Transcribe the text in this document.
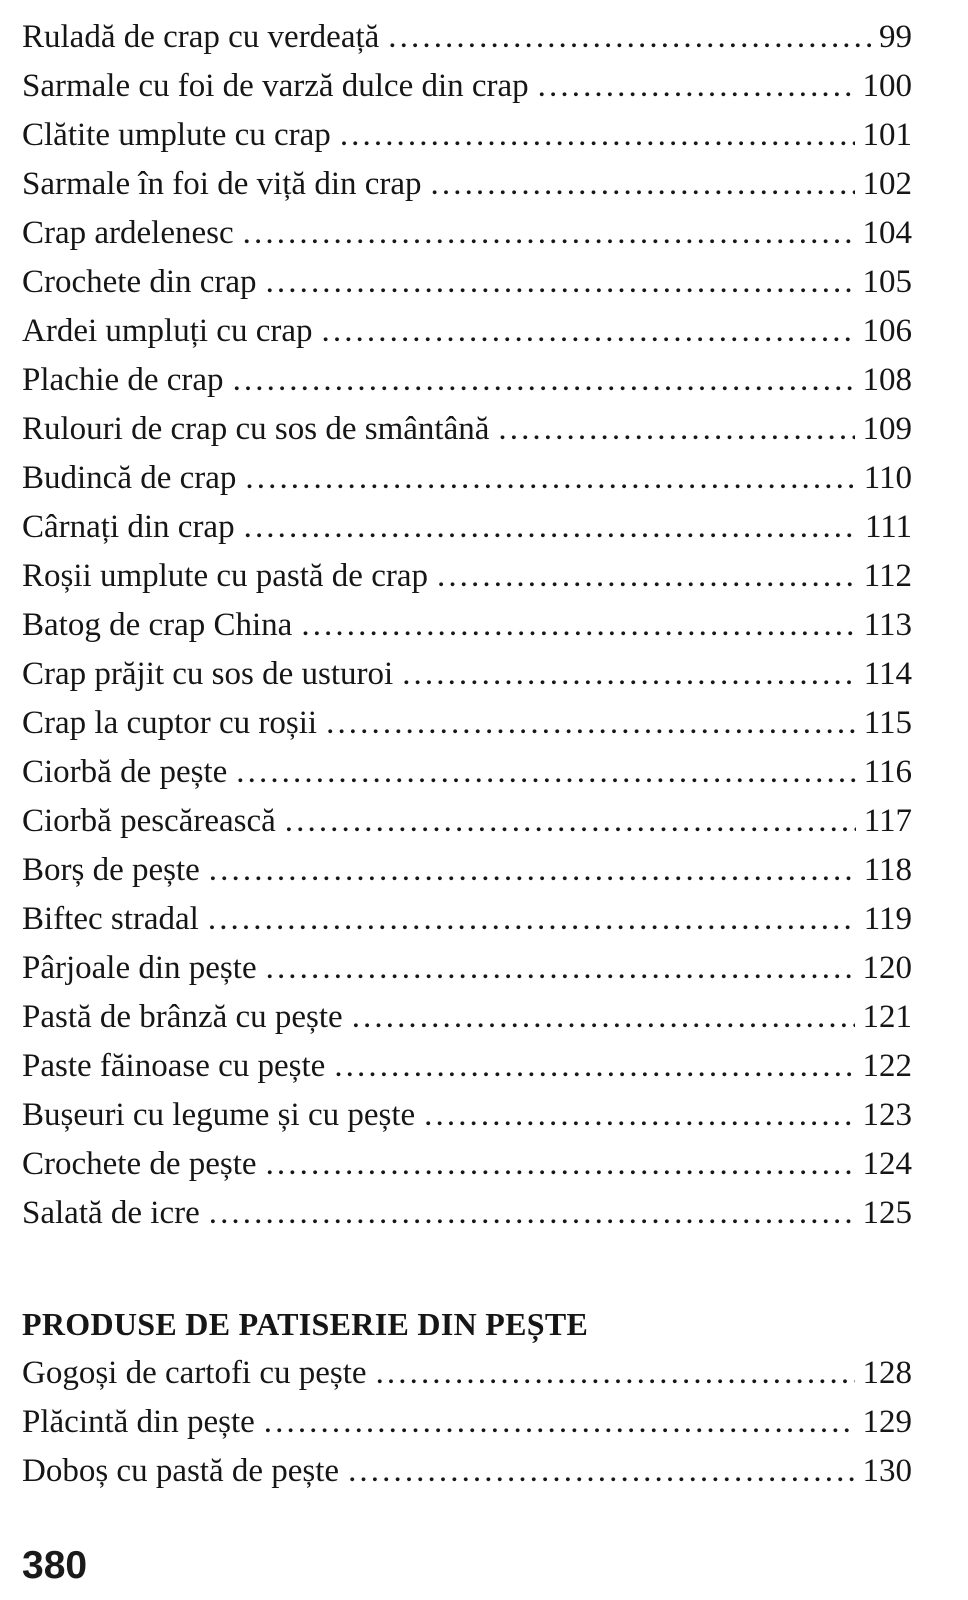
Ruladă de crap cu verdeață .....	99
Sarmale cu foi de varză dulce din crap .....	100
Clătite umplute cu crap .....	101
Sarmale în foi de viță din crap .....	102
Crap ardelenesc .....	104
Crochete din crap .....	105
Ardei umpluți cu crap .....	106
Plachie de crap .....	108
Rulouri de crap cu sos de smântână .....	109
Budincă de crap .....	110
Cârnați din crap .....	111
Roșii umplute cu pastă de crap .....	112
Batog de crap China .....	113
Crap prăjit cu sos de usturoi .....	114
Crap la cuptor cu roșii .....	115
Ciorbă de pește .....	116
Ciorbă pescărească .....	117
Borș de pește .....	118
Biftec stradal .....	119
Pârjoale din pește .....	120
Pastă de brânză cu pește .....	121
Paste făinoase cu pește .....	122
Bușeuri cu legume și cu pește .....	123
Crochete de pește .....	124
Salată de icre .....	125
PRODUSE DE PATISERIE DIN PEȘTE
Gogoși de cartofi cu pește .....	128
Plăcintă din pește .....	129
Doboș cu pastă de pește .....	130
380
